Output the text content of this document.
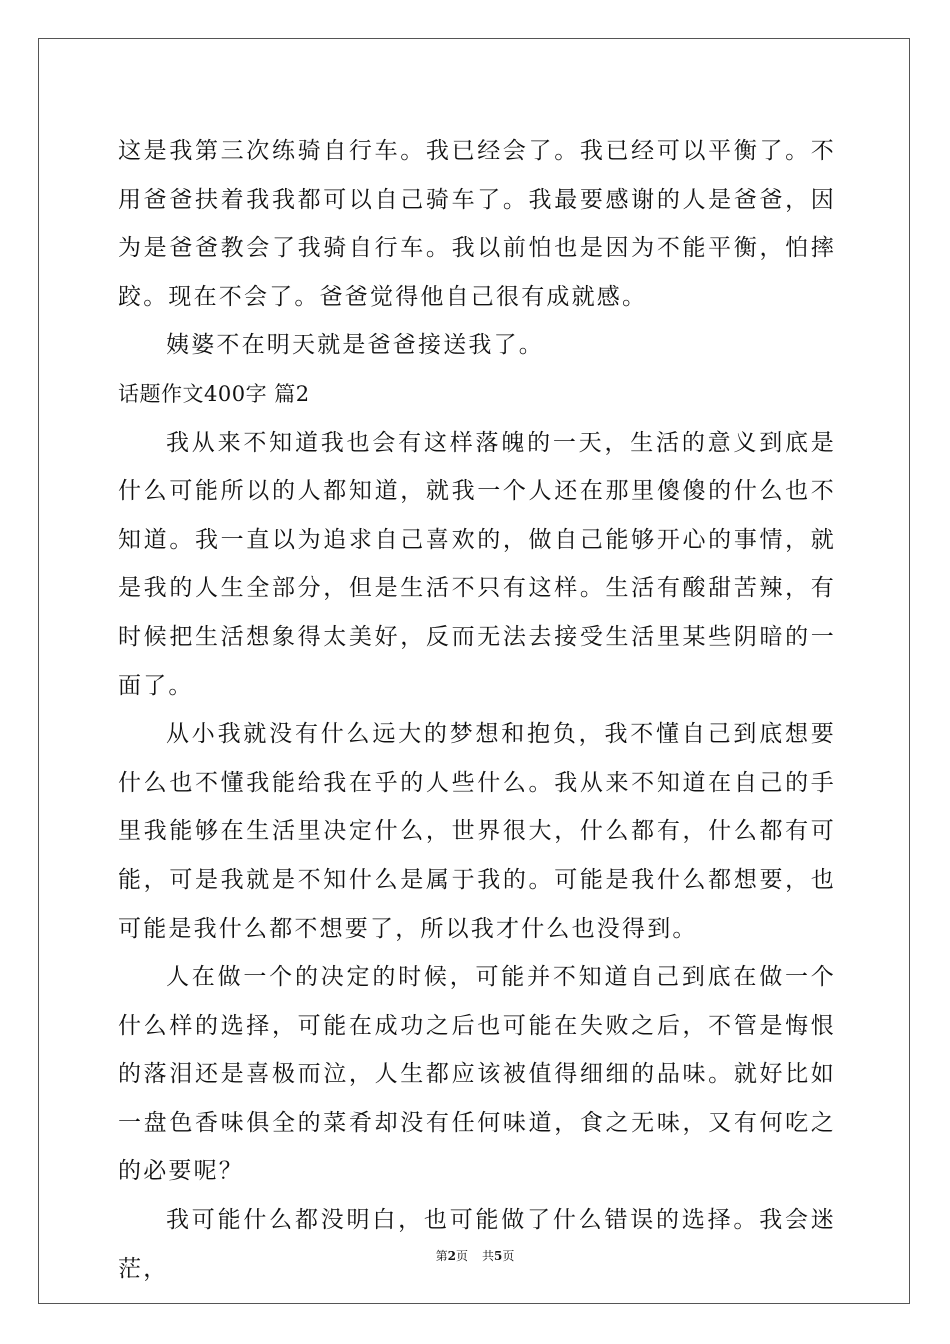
这是我第三次练骑自行车。我已经会了。我已经可以平衡了。不用爸爸扶着我我都可以自己骑车了。我最要感谢的人是爸爸，因为是爸爸教会了我骑自行车。我以前怕也是因为不能平衡，怕摔跤。现在不会了。爸爸觉得他自己很有成就感。

姨婆不在明天就是爸爸接送我了。

话题作文400字 篇2

我从来不知道我也会有这样落魄的一天，生活的意义到底是什么可能所以的人都知道，就我一个人还在那里傻傻的什么也不知道。我一直以为追求自己喜欢的，做自己能够开心的事情，就是我的人生全部分，但是生活不只有这样。生活有酸甜苦辣，有时候把生活想象得太美好，反而无法去接受生活里某些阴暗的一面了。

从小我就没有什么远大的梦想和抱负，我不懂自己到底想要什么也不懂我能给我在乎的人些什么。我从来不知道在自己的手里我能够在生活里决定什么，世界很大，什么都有，什么都有可能，可是我就是不知什么是属于我的。可能是我什么都想要，也可能是我什么都不想要了，所以我才什么也没得到。

人在做一个的决定的时候，可能并不知道自己到底在做一个什么样的选择，可能在成功之后也可能在失败之后，不管是悔恨的落泪还是喜极而泣，人生都应该被值得细细的品味。就好比如一盘色香味俱全的菜肴却没有任何味道，食之无味，又有何吃之的必要呢？

我可能什么都没明白，也可能做了什么错误的选择。我会迷茫，	第2页 共5页
